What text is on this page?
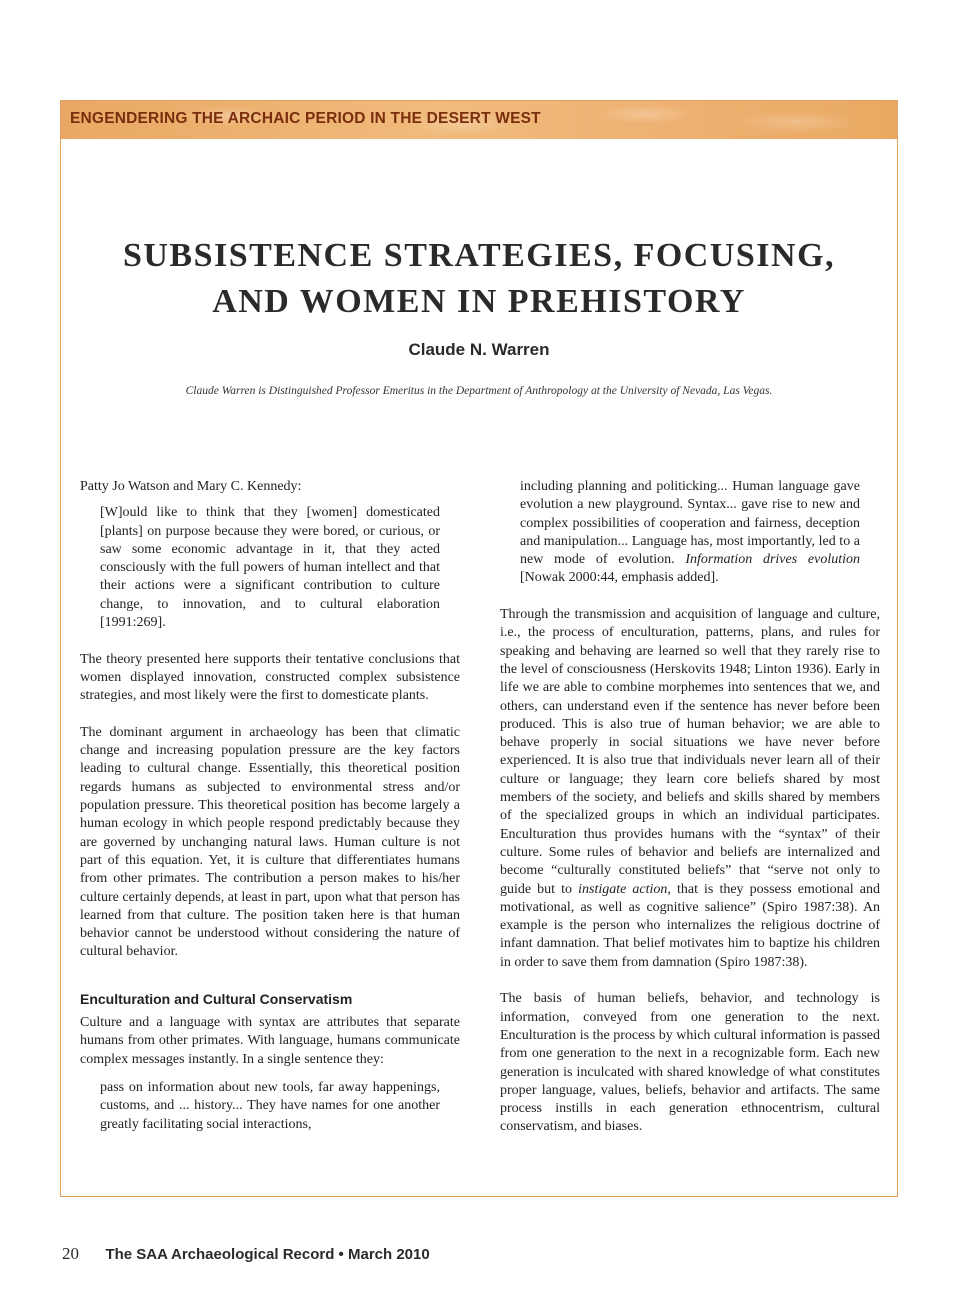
ENGENDERING THE ARCHAIC PERIOD IN THE DESERT WEST
SUBSISTENCE STRATEGIES, FOCUSING,
AND WOMEN IN PREHISTORY
Claude N. Warren
Claude Warren is Distinguished Professor Emeritus in the Department of Anthropology at the University of Nevada, Las Vegas.

Patty Jo Watson and Mary C. Kennedy:

[W]ould like to think that they [women] domesticated [plants] on purpose because they were bored, or curious, or saw some economic advantage in it, that they acted consciously with the full powers of human intellect and that their actions were a significant contribution to culture change, to innovation, and to cultural elaboration [1991:269].

The theory presented here supports their tentative conclusions that women displayed innovation, constructed complex subsistence strategies, and most likely were the first to domesticate plants.

The dominant argument in archaeology has been that climatic change and increasing population pressure are the key factors leading to cultural change. Essentially, this theoretical position regards humans as subjected to environmental stress and/or population pressure. This theoretical position has become largely a human ecology in which people respond predictably because they are governed by unchanging natural laws. Human culture is not part of this equation. Yet, it is culture that differentiates humans from other primates. The contribution a person makes to his/her culture certainly depends, at least in part, upon what that person has learned from that culture. The position taken here is that human behavior cannot be understood without considering the nature of cultural behavior.

Enculturation and Cultural Conservatism

Culture and a language with syntax are attributes that separate humans from other primates. With language, humans communicate complex messages instantly. In a single sentence they:

pass on information about new tools, far away happenings, customs, and ... history... They have names for one another greatly facilitating social interactions,

including planning and politicking... Human language gave evolution a new playground. Syntax... gave rise to new and complex possibilities of cooperation and fairness, deception and manipulation... Language has, most importantly, led to a new mode of evolution. Information drives evolution [Nowak 2000:44, emphasis added].

Through the transmission and acquisition of language and culture, i.e., the process of enculturation, patterns, plans, and rules for speaking and behaving are learned so well that they rarely rise to the level of consciousness (Herskovits 1948; Linton 1936). Early in life we are able to combine morphemes into sentences that we, and others, can understand even if the sentence has never before been produced. This is also true of human behavior; we are able to behave properly in social situations we have never before experienced. It is also true that individuals never learn all of their culture or language; they learn core beliefs shared by most members of the society, and beliefs and skills shared by members of the specialized groups in which an individual participates. Enculturation thus provides humans with the “syntax” of their culture. Some rules of behavior and beliefs are internalized and become “culturally constituted beliefs” that “serve not only to guide but to instigate action, that is they possess emotional and motivational, as well as cognitive salience” (Spiro 1987:38). An example is the person who internalizes the religious doctrine of infant damnation. That belief motivates him to baptize his children in order to save them from damnation (Spiro 1987:38).

The basis of human beliefs, behavior, and technology is information, conveyed from one generation to the next. Enculturation is the process by which cultural information is passed from one generation to the next in a recognizable form. Each new generation is inculcated with shared knowledge of what constitutes proper language, values, beliefs, behavior and artifacts. The same process instills in each generation ethnocentrism, cultural conservatism, and biases.

20 The SAA Archaeological Record • March 2010
